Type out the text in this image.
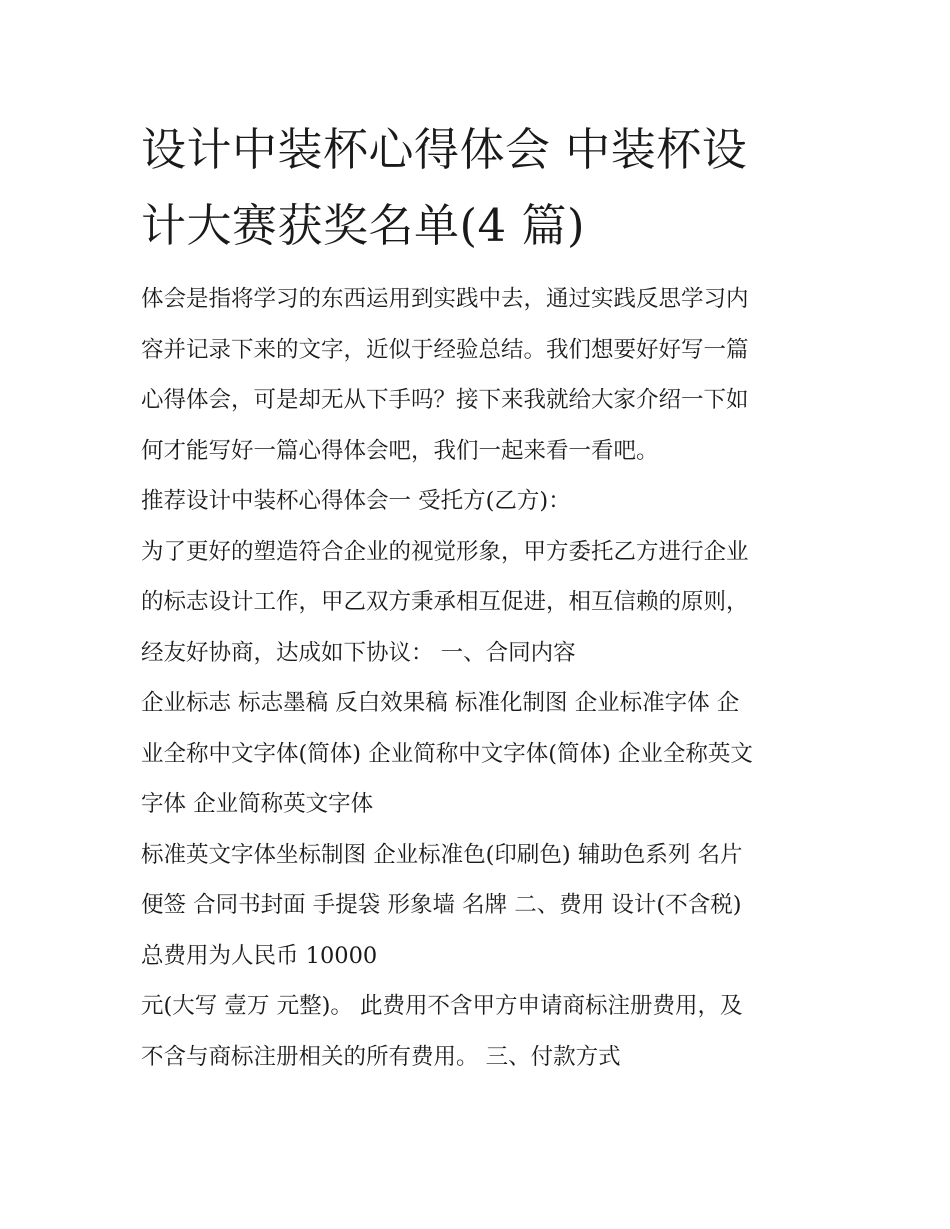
设计中装杯心得体会 中装杯设
计大赛获奖名单(4 篇)

体会是指将学习的东西运用到实践中去，通过实践反思学习内
容并记录下来的文字，近似于经验总结。我们想要好好写一篇
心得体会，可是却无从下手吗？接下来我就给大家介绍一下如
何才能写好一篇心得体会吧，我们一起来看一看吧。

推荐设计中装杯心得体会一 受托方(乙方)：

为了更好的塑造符合企业的视觉形象，甲方委托乙方进行企业
的标志设计工作，甲乙双方秉承相互促进，相互信赖的原则，
经友好协商，达成如下协议： 一、合同内容

企业标志 标志墨稿 反白效果稿 标准化制图 企业标准字体 企
业全称中文字体(简体) 企业简称中文字体(简体) 企业全称英文
字体 企业简称英文字体

标准英文字体坐标制图 企业标准色(印刷色) 辅助色系列 名片
便签 合同书封面 手提袋 形象墙 名牌 二、费用 设计(不含税)
总费用为人民币 10000

元(大写 壹万 元整)。 此费用不含甲方申请商标注册费用，及
不含与商标注册相关的所有费用。 三、付款方式
